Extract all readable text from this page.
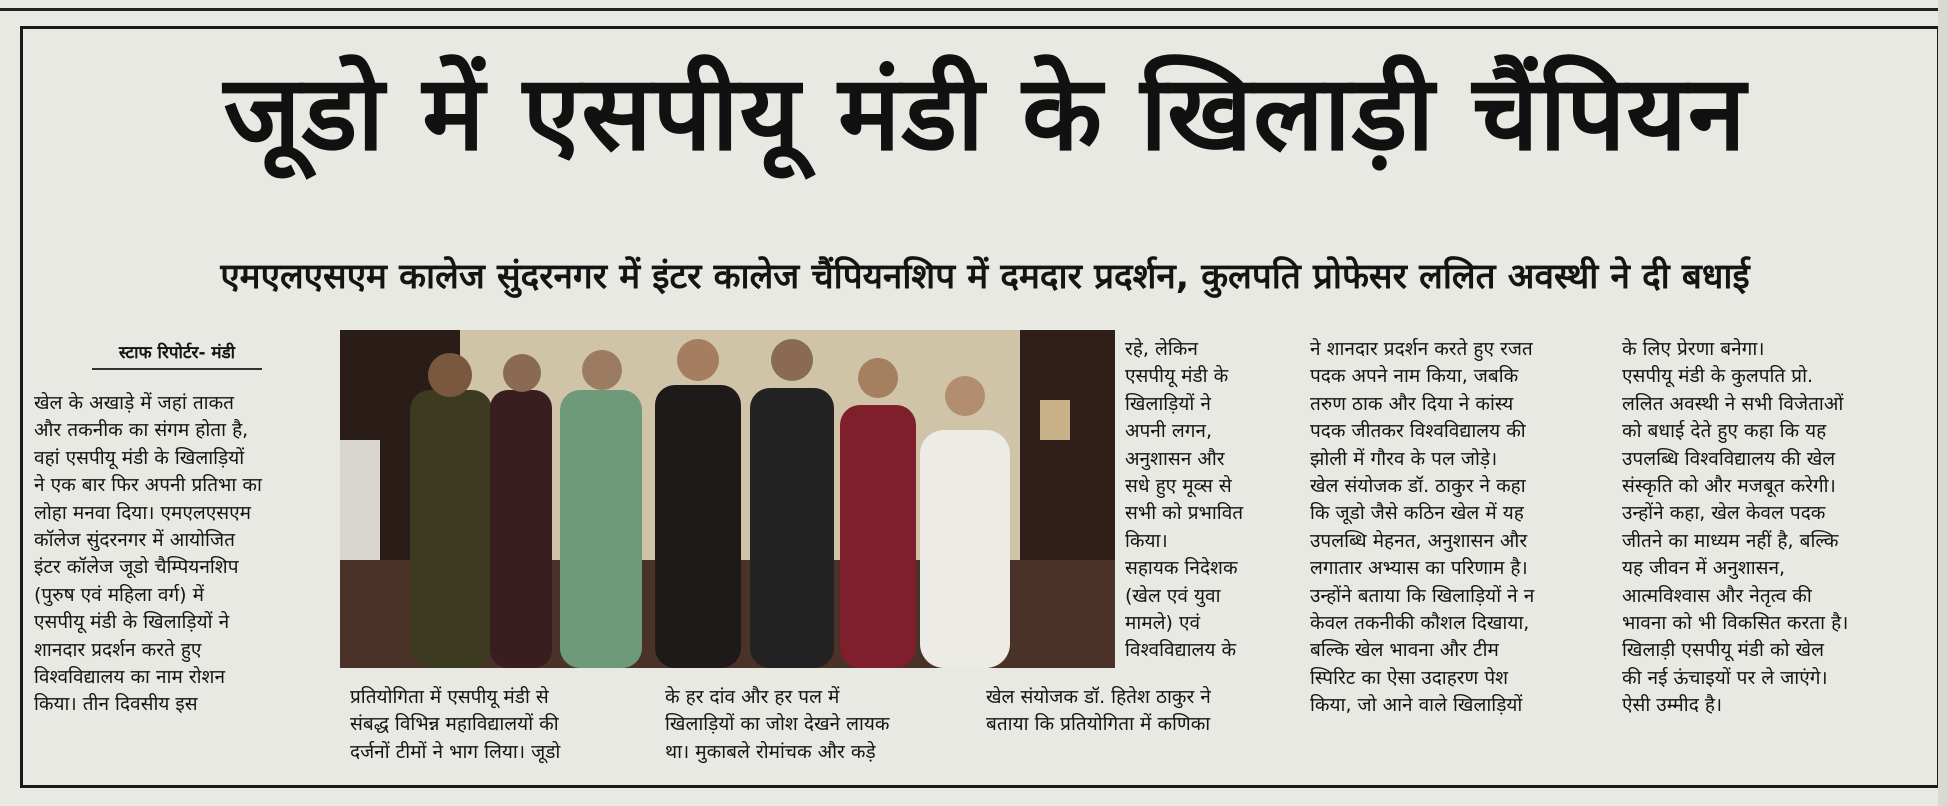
जूडो में एसपीयू मंडी के खिलाड़ी चैंपियन
एमएलएसएम कालेज सुंदरनगर में इंटर कालेज चैंपियनशिप में दमदार प्रदर्शन, कुलपति प्रोफेसर ललित अवस्थी ने दी बधाई
स्टाफ रिपोर्टर- मंडी

खेल के अखाड़े में जहां ताकत
और तकनीक का संगम होता है,
वहां एसपीयू मंडी के खिलाड़ियों
ने एक बार फिर अपनी प्रतिभा का
लोहा मनवा दिया। एमएलएसएम
कॉलेज सुंदरनगर में आयोजित
इंटर कॉलेज जूडो चैम्पियनशिप
(पुरुष एवं महिला वर्ग) में
एसपीयू मंडी के खिलाड़ियों ने
शानदार प्रदर्शन करते हुए
विश्वविद्यालय का नाम रोशन
किया। तीन दिवसीय इस	प्रतियोगिता में एसपीयू मंडी से
संबद्ध विभिन्न महाविद्यालयों की
दर्जनों टीमों ने भाग लिया। जूडो

के हर दांव और हर पल में
खिलाड़ियों का जोश देखने लायक
था। मुकाबले रोमांचक और कड़े

खेल संयोजक डॉ. हितेश ठाकुर ने
बताया कि प्रतियोगिता में कणिका

रहे, लेकिन
एसपीयू मंडी के
खिलाड़ियों ने
अपनी लगन,
अनुशासन और
सधे हुए मूव्स से
सभी को प्रभावित
किया।
सहायक निदेशक
(खेल एवं युवा
मामले) एवं
विश्वविद्यालय के

ने शानदार प्रदर्शन करते हुए रजत
पदक अपने नाम किया, जबकि
तरुण ठाक और दिया ने कांस्य
पदक जीतकर विश्वविद्यालय की
झोली में गौरव के पल जोड़े।
खेल संयोजक डॉ. ठाकुर ने कहा
कि जूडो जैसे कठिन खेल में यह
उपलब्धि मेहनत, अनुशासन और
लगातार अभ्यास का परिणाम है।
उन्होंने बताया कि खिलाड़ियों ने न
केवल तकनीकी कौशल दिखाया,
बल्कि खेल भावना और टीम
स्पिरिट का ऐसा उदाहरण पेश
किया, जो आने वाले खिलाड़ियों

के लिए प्रेरणा बनेगा।
एसपीयू मंडी के कुलपति प्रो.
ललित अवस्थी ने सभी विजेताओं
को बधाई देते हुए कहा कि यह
उपलब्धि विश्वविद्यालय की खेल
संस्कृति को और मजबूत करेगी।
उन्होंने कहा, खेल केवल पदक
जीतने का माध्यम नहीं है, बल्कि
यह जीवन में अनुशासन,
आत्मविश्वास और नेतृत्व की
भावना को भी विकसित करता है।
खिलाड़ी एसपीयू मंडी को खेल
की नई ऊंचाइयों पर ले जाएंगे।
ऐसी उम्मीद है।
